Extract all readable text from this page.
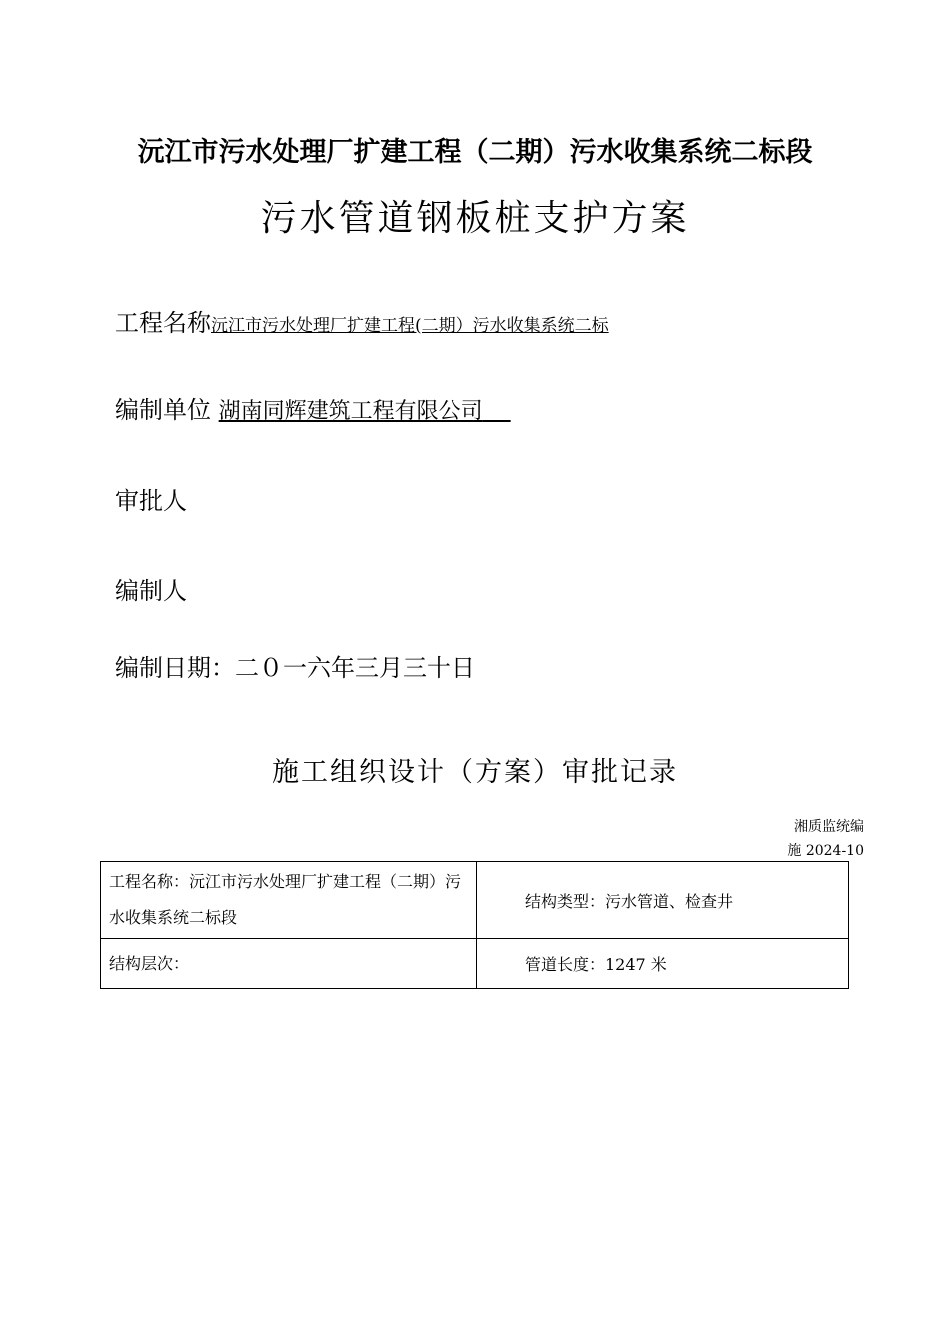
沅江市污水处理厂扩建工程（二期）污水收集系统二标段
污水管道钢板桩支护方案
工程名称沅江市污水处理厂扩建工程(二期）污水收集系统二标
编制单位 湖南同辉建筑工程有限公司
审批人
编制人
编制日期：二０一六年三月三十日
施工组织设计（方案）审批记录
湘质监统编
施 2024-10
工程名称：沅江市污水处理厂扩建工程（二期）污水收集系统二标段	结构类型：污水管道、检查井
结构层次：	管道长度：1247 米
